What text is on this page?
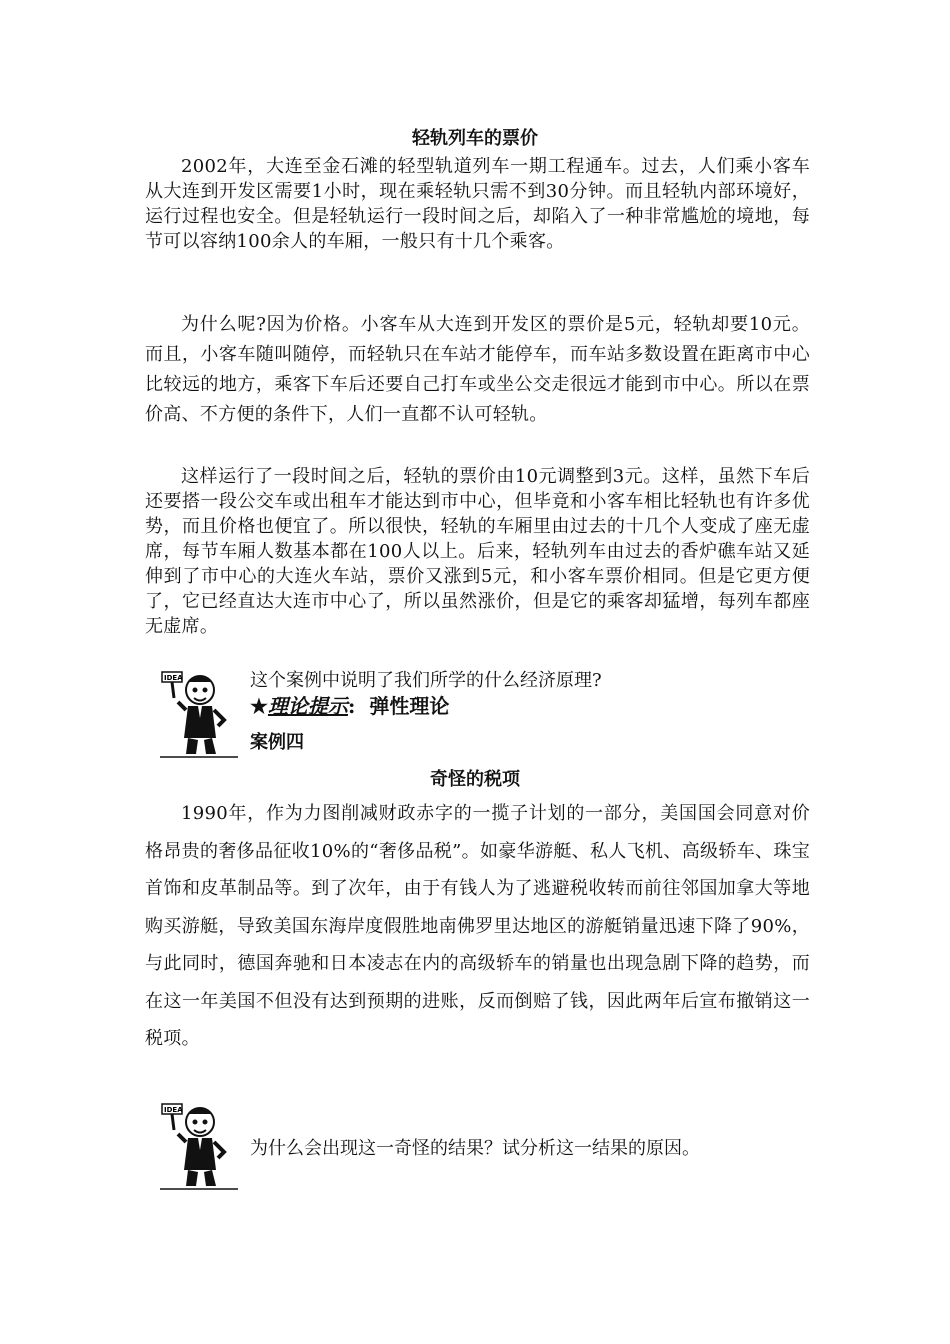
轻轨列车的票价

2002年，大连至金石滩的轻型轨道列车一期工程通车。过去，人们乘小客车从大连到开发区需要1小时，现在乘轻轨只需不到30分钟。而且轻轨内部环境好，运行过程也安全。但是轻轨运行一段时间之后，却陷入了一种非常尴尬的境地，每节可以容纳100余人的车厢，一般只有十几个乘客。

为什么呢?因为价格。小客车从大连到开发区的票价是5元，轻轨却要10元。而且，小客车随叫随停，而轻轨只在车站才能停车，而车站多数设置在距离市中心比较远的地方，乘客下车后还要自己打车或坐公交走很远才能到市中心。所以在票价高、不方便的条件下，人们一直都不认可轻轨。

这样运行了一段时间之后，轻轨的票价由10元调整到3元。这样，虽然下车后还要搭一段公交车或出租车才能达到市中心，但毕竟和小客车相比轻轨也有许多优势，而且价格也便宜了。所以很快，轻轨的车厢里由过去的十几个人变成了座无虚席，每节车厢人数基本都在100人以上。后来，轻轨列车由过去的香炉礁车站又延伸到了市中心的大连火车站，票价又涨到5元，和小客车票价相同。但是它更方便了，它已经直达大连市中心了，所以虽然涨价，但是它的乘客却猛增，每列车都座无虚席。

IDEA	这个案例中说明了我们所学的什么经济原理?
★理论提示: 弹性理论
案例四
奇怪的税项

1990年，作为力图削减财政赤字的一揽子计划的一部分，美国国会同意对价格昂贵的奢侈品征收10%的“奢侈品税”。如豪华游艇、私人飞机、高级轿车、珠宝首饰和皮革制品等。到了次年，由于有钱人为了逃避税收转而前往邻国加拿大等地购买游艇，导致美国东海岸度假胜地南佛罗里达地区的游艇销量迅速下降了90%，与此同时，德国奔驰和日本凌志在内的高级轿车的销量也出现急剧下降的趋势，而在这一年美国不但没有达到预期的进账，反而倒赔了钱，因此两年后宣布撤销这一税项。

IDEA
为什么会出现这一奇怪的结果？试分析这一结果的原因。
